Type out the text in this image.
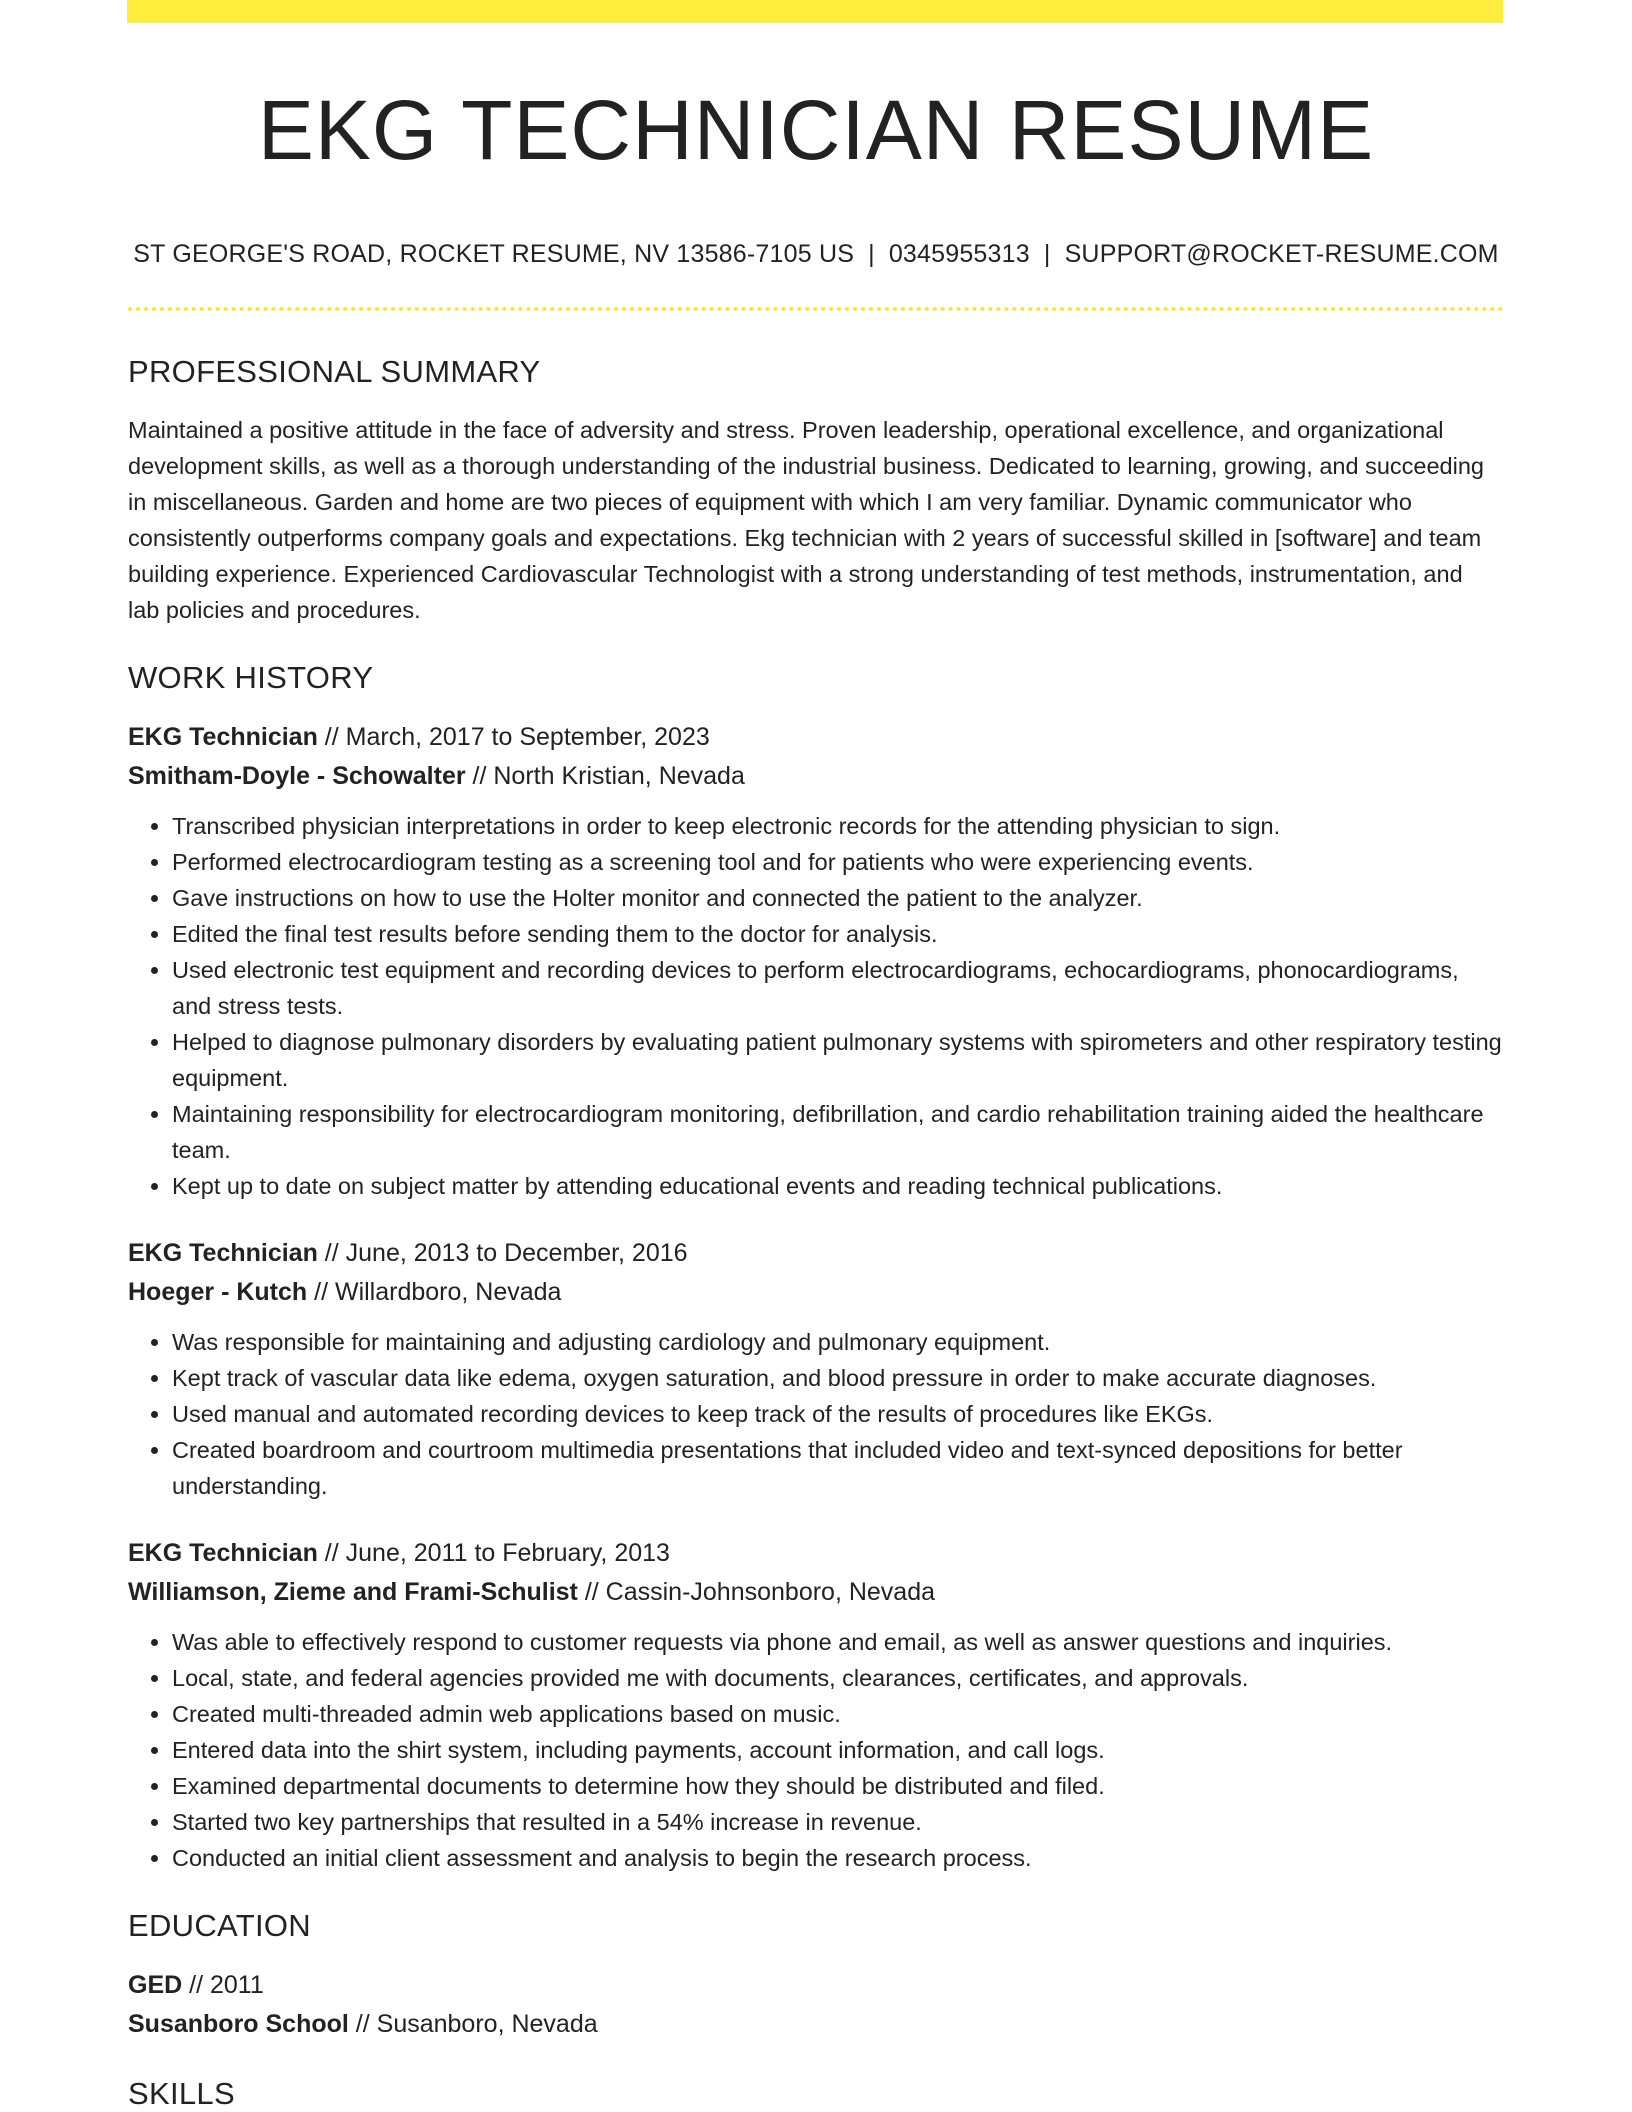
EKG TECHNICIAN RESUME
ST GEORGE'S ROAD, ROCKET RESUME, NV 13586-7105 US | 0345955313 | SUPPORT@ROCKET-RESUME.COM
PROFESSIONAL SUMMARY

Maintained a positive attitude in the face of adversity and stress. Proven leadership, operational excellence, and organizational development skills, as well as a thorough understanding of the industrial business. Dedicated to learning, growing, and succeeding in miscellaneous. Garden and home are two pieces of equipment with which I am very familiar. Dynamic communicator who consistently outperforms company goals and expectations. Ekg technician with 2 years of successful skilled in [software] and team building experience. Experienced Cardiovascular Technologist with a strong understanding of test methods, instrumentation, and lab policies and procedures.

WORK HISTORY
EKG Technician // March, 2017 to September, 2023
Smitham-Doyle - Schowalter // North Kristian, Nevada
• Transcribed physician interpretations in order to keep electronic records for the attending physician to sign.
• Performed electrocardiogram testing as a screening tool and for patients who were experiencing events.
• Gave instructions on how to use the Holter monitor and connected the patient to the analyzer.
• Edited the final test results before sending them to the doctor for analysis.
• Used electronic test equipment and recording devices to perform electrocardiograms, echocardiograms, phonocardiograms, and stress tests.
• Helped to diagnose pulmonary disorders by evaluating patient pulmonary systems with spirometers and other respiratory testing equipment.
• Maintaining responsibility for electrocardiogram monitoring, defibrillation, and cardio rehabilitation training aided the healthcare team.
• Kept up to date on subject matter by attending educational events and reading technical publications.
EKG Technician // June, 2013 to December, 2016
Hoeger - Kutch // Willardboro, Nevada
• Was responsible for maintaining and adjusting cardiology and pulmonary equipment.
• Kept track of vascular data like edema, oxygen saturation, and blood pressure in order to make accurate diagnoses.
• Used manual and automated recording devices to keep track of the results of procedures like EKGs.
• Created boardroom and courtroom multimedia presentations that included video and text-synced depositions for better understanding.
EKG Technician // June, 2011 to February, 2013
Williamson, Zieme and Frami-Schulist // Cassin-Johnsonboro, Nevada
• Was able to effectively respond to customer requests via phone and email, as well as answer questions and inquiries.
• Local, state, and federal agencies provided me with documents, clearances, certificates, and approvals.
• Created multi-threaded admin web applications based on music.
• Entered data into the shirt system, including payments, account information, and call logs.
• Examined departmental documents to determine how they should be distributed and filed.
• Started two key partnerships that resulted in a 54% increase in revenue.
• Conducted an initial client assessment and analysis to begin the research process.
EDUCATION
GED // 2011
Susanboro School // Susanboro, Nevada
SKILLS
